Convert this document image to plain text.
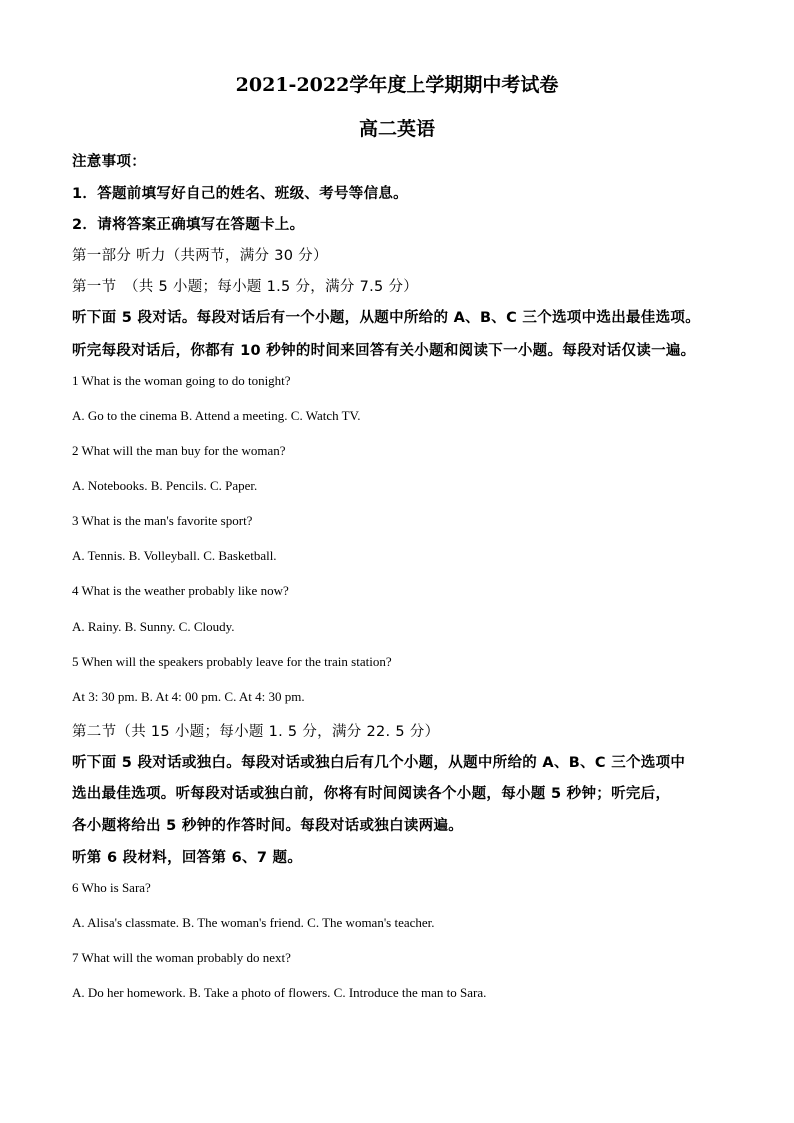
2021-2022学年度上学期期中考试卷
高二英语
注意事项：
1．答题前填写好自己的姓名、班级、考号等信息。
2．请将答案正确填写在答题卡上。
第一部分 听力（共两节，满分 30 分）
第一节　（共 5 小题；每小题 1.5 分，满分 7.5 分）
听下面 5 段对话。每段对话后有一个小题，从题中所给的 A、B、C 三个选项中选出最佳选项。
听完每段对话后，你都有 10 秒钟的时间来回答有关小题和阅读下一小题。每段对话仅读一遍。
1 What is the woman going to do tonight?
A. Go to the cinema B. Attend a meeting. C. Watch TV.
2 What will the man buy for the woman?
A. Notebooks. B. Pencils. C. Paper.
3 What is the man's favorite sport?
A. Tennis. B. Volleyball. C. Basketball.
4 What is the weather probably like now?
A. Rainy. B. Sunny. C. Cloudy.
5 When will the speakers probably leave for the train station?
At 3: 30 pm. B. At 4: 00 pm. C. At 4: 30 pm.
第二节（共 15 小题；每小题 1. 5 分，满分 22. 5 分）
听下面 5 段对话或独白。每段对话或独白后有几个小题，从题中所给的 A、B、C 三个选项中
选出最佳选项。听每段对话或独白前，你将有时间阅读各个小题，每小题 5 秒钟；听完后，
各小题将给出 5 秒钟的作答时间。每段对话或独白读两遍。
听第 6 段材料，回答第 6、7 题。
6 Who is Sara?
A. Alisa's classmate. B. The woman's friend. C. The woman's teacher.
7 What will the woman probably do next?
A. Do her homework. B. Take a photo of flowers. C. Introduce the man to Sara.
